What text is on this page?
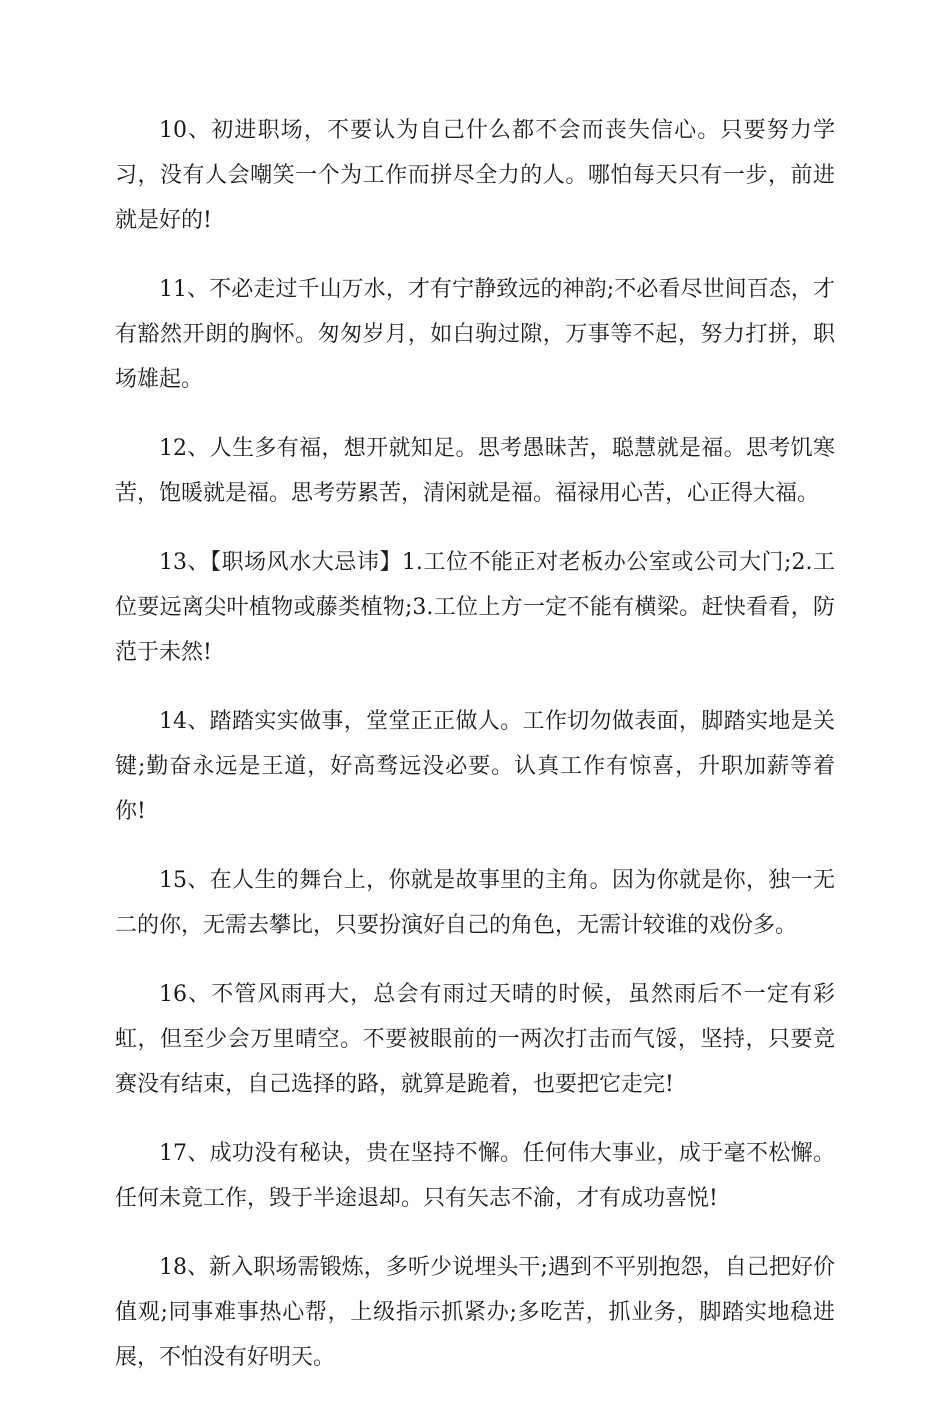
10、初进职场，不要认为自己什么都不会而丧失信心。只要努力学习，没有人会嘲笑一个为工作而拼尽全力的人。哪怕每天只有一步，前进就是好的!

11、不必走过千山万水，才有宁静致远的神韵;不必看尽世间百态，才有豁然开朗的胸怀。匆匆岁月，如白驹过隙，万事等不起，努力打拼，职场雄起。

12、人生多有福，想开就知足。思考愚昧苦，聪慧就是福。思考饥寒苦，饱暖就是福。思考劳累苦，清闲就是福。福禄用心苦，心正得大福。

13、【职场风水大忌讳】1.工位不能正对老板办公室或公司大门;2.工位要远离尖叶植物或藤类植物;3.工位上方一定不能有横梁。赶快看看，防范于未然!

14、踏踏实实做事，堂堂正正做人。工作切勿做表面，脚踏实地是关键;勤奋永远是王道，好高骛远没必要。认真工作有惊喜，升职加薪等着你!

15、在人生的舞台上，你就是故事里的主角。因为你就是你，独一无二的你，无需去攀比，只要扮演好自己的角色，无需计较谁的戏份多。

16、不管风雨再大，总会有雨过天晴的时候，虽然雨后不一定有彩虹，但至少会万里晴空。不要被眼前的一两次打击而气馁，坚持，只要竞赛没有结束，自己选择的路，就算是跪着，也要把它走完!

17、成功没有秘诀，贵在坚持不懈。任何伟大事业，成于毫不松懈。任何未竟工作，毁于半途退却。只有矢志不渝，才有成功喜悦!

18、新入职场需锻炼，多听少说埋头干;遇到不平别抱怨，自己把好价值观;同事难事热心帮，上级指示抓紧办;多吃苦，抓业务，脚踏实地稳进展，不怕没有好明天。
